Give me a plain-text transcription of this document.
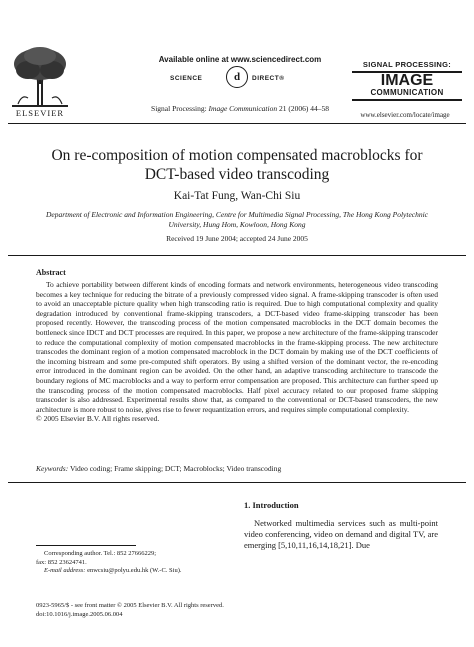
ELSEVIER
Available online at www.sciencedirect.com
SCIENCE	d	DIRECT®
Signal Processing: Image Communication 21 (2006) 44–58
SIGNAL PROCESSING:
IMAGE
COMMUNICATION
www.elsevier.com/locate/image
On re-composition of motion compensated macroblocks for
DCT-based video transcoding
Kai-Tat Fung, Wan-Chi Siu
Department of Electronic and Information Engineering, Centre for Multimedia Signal Processing, The Hong Kong Polytechnic University, Hung Hom, Kowloon, Hong Kong
Received 19 June 2004; accepted 24 June 2005
Abstract
To achieve portability between different kinds of encoding formats and network environments, heterogeneous video transcoding becomes a key technique for reducing the bitrate of a previously compressed video signal. A frame-skipping transcoder is often used to avoid an unacceptable picture quality when high transcoding ratio is required. Due to high computational complexity and quality degradation introduced by conventional frame-skipping transcoders, a DCT-based video frame-skipping transcoder has been proposed recently. However, the transcoding process of the motion compensated macroblocks in the DCT domain becomes the bottleneck since IDCT and DCT processes are required. In this paper, we propose a new architecture of the frame-skipping transcoder to reduce the computational complexity of motion compensated macroblocks in the frame-skipping process. The new architecture transcodes the dominant region of a motion compensated macroblock in the DCT domain by making use of the DCT coefficients of the incoming bistream and some pre-computed shift operators. By using a shifted version of the dominant vector, the re-encoding error introduced in the dominant region can be avoided. On the other hand, an adaptive transcoding architecture to transcode the boundary regions of MC macroblocks and a way to perform error compensation are proposed. This architecture can further speed up the transcoding process of the motion compensated macroblocks. Half pixel accuracy related to our proposed frame skipping transcoder is also addressed. Experimental results show that, as compared to the conventional or DCT-based transcoders, the new architecture is more robust to noise, gives rise to fewer requantization errors, and requires simple computational complexity.
© 2005 Elsevier B.V. All rights reserved.
Keywords: Video coding; Frame skipping; DCT; Macroblocks; Video transcoding
1. Introduction
Networked multimedia services such as multi-point video conferencing, video on demand and digital TV, are emerging [5,10,11,16,14,18,21]. Due
Corresponding author. Tel.: 852 27666229;
fax: 852 23624741.
E-mail address: enwcsiu@polyu.edu.hk (W.-C. Siu).
0923-5965/$ - see front matter © 2005 Elsevier B.V. All rights reserved.
doi:10.1016/j.image.2005.06.004
